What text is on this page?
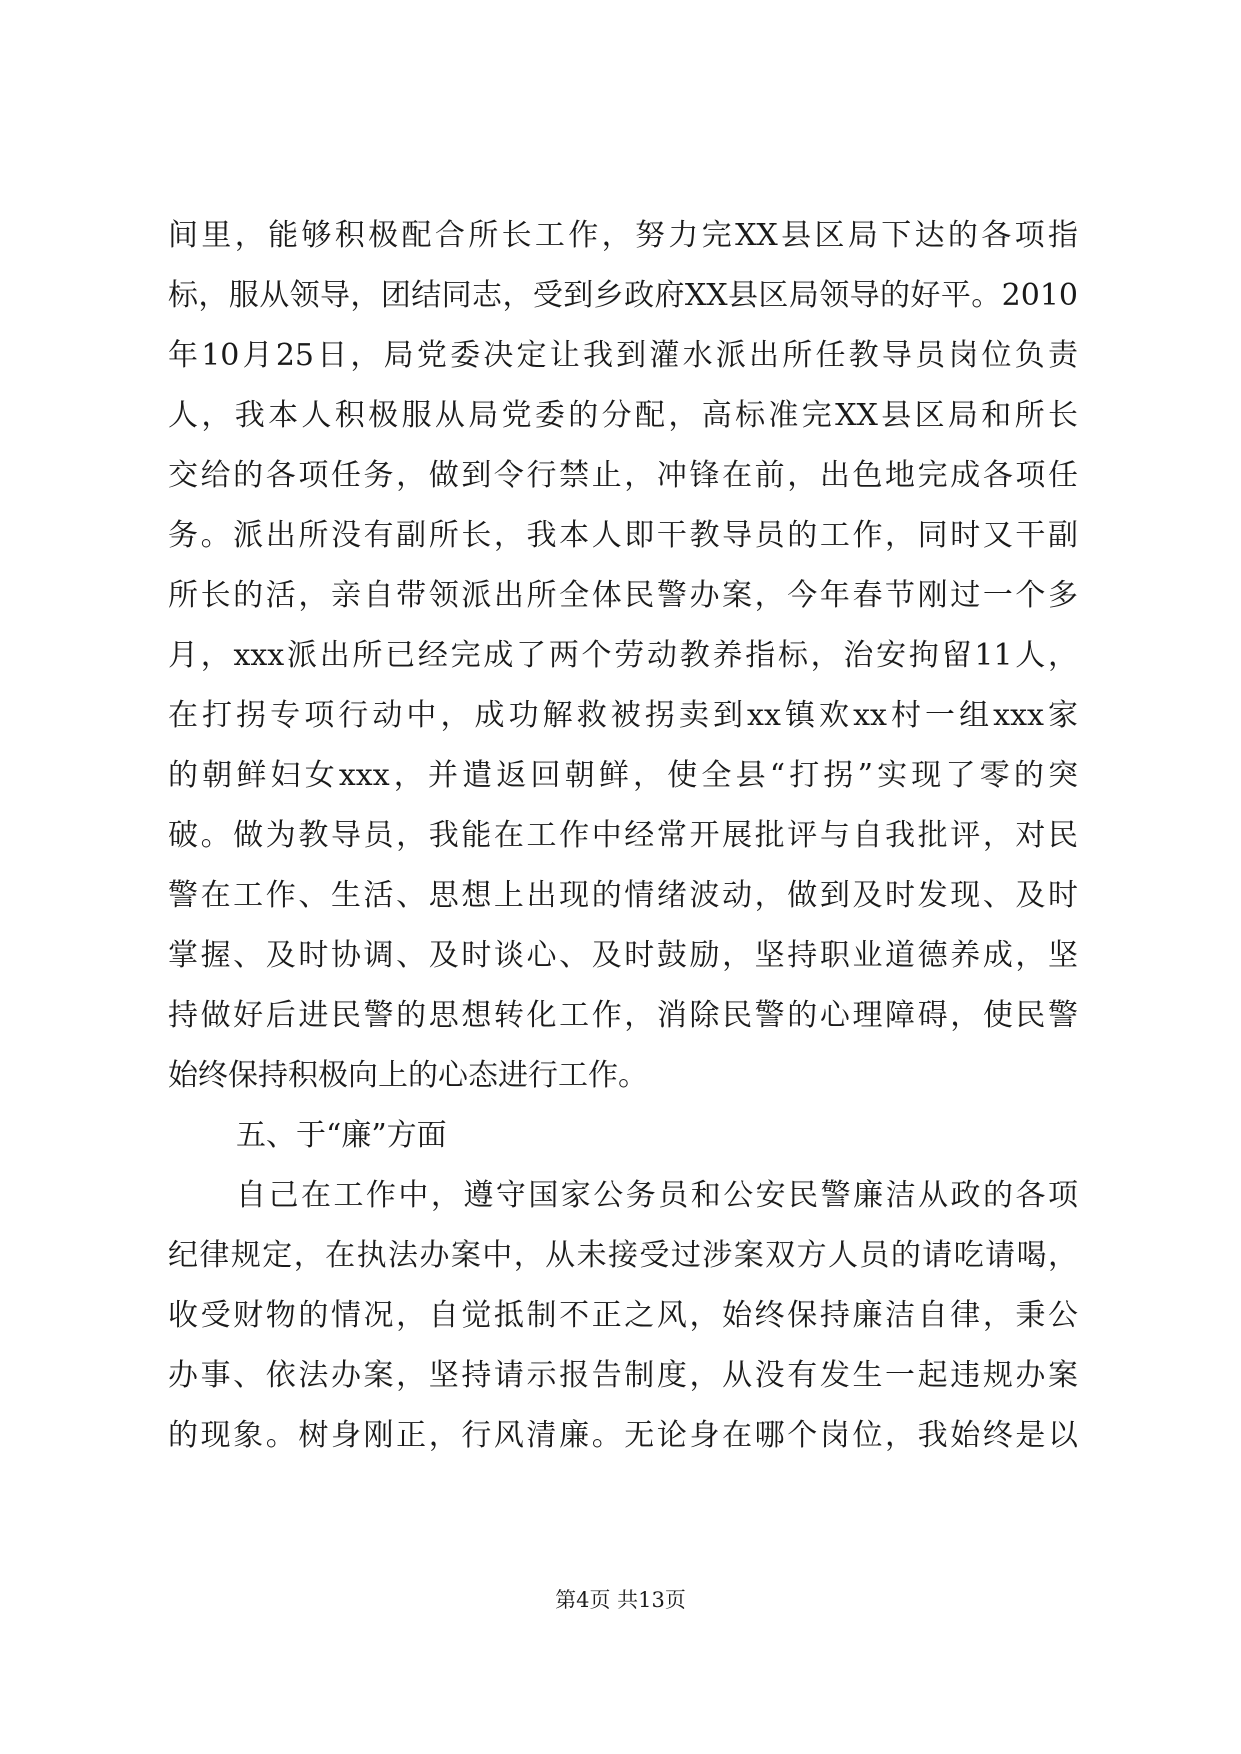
间里，能够积极配合所长工作，努力完XX县区局下达的各项指
标，服从领导，团结同志，受到乡政府XX县区局领导的好平。2010
年10月25日，局党委决定让我到灌水派出所任教导员岗位负责
人，我本人积极服从局党委的分配，高标准完XX县区局和所长
交给的各项任务，做到令行禁止，冲锋在前，出色地完成各项任
务。派出所没有副所长，我本人即干教导员的工作，同时又干副
所长的活，亲自带领派出所全体民警办案，今年春节刚过一个多
月，xxx派出所已经完成了两个劳动教养指标，治安拘留11人，
在打拐专项行动中，成功解救被拐卖到xx镇欢xx村一组xxx家
的朝鲜妇女xxx，并遣返回朝鲜，使全县“打拐”实现了零的突
破。做为教导员，我能在工作中经常开展批评与自我批评，对民
警在工作、生活、思想上出现的情绪波动，做到及时发现、及时
掌握、及时协调、及时谈心、及时鼓励，坚持职业道德养成，坚
持做好后进民警的思想转化工作，消除民警的心理障碍，使民警
始终保持积极向上的心态进行工作。
五、于“廉”方面
自己在工作中，遵守国家公务员和公安民警廉洁从政的各项
纪律规定，在执法办案中，从未接受过涉案双方人员的请吃请喝，
收受财物的情况，自觉抵制不正之风，始终保持廉洁自律，秉公
办事、依法办案，坚持请示报告制度，从没有发生一起违规办案
的现象。树身刚正，行风清廉。无论身在哪个岗位，我始终是以
第4页 共13页
